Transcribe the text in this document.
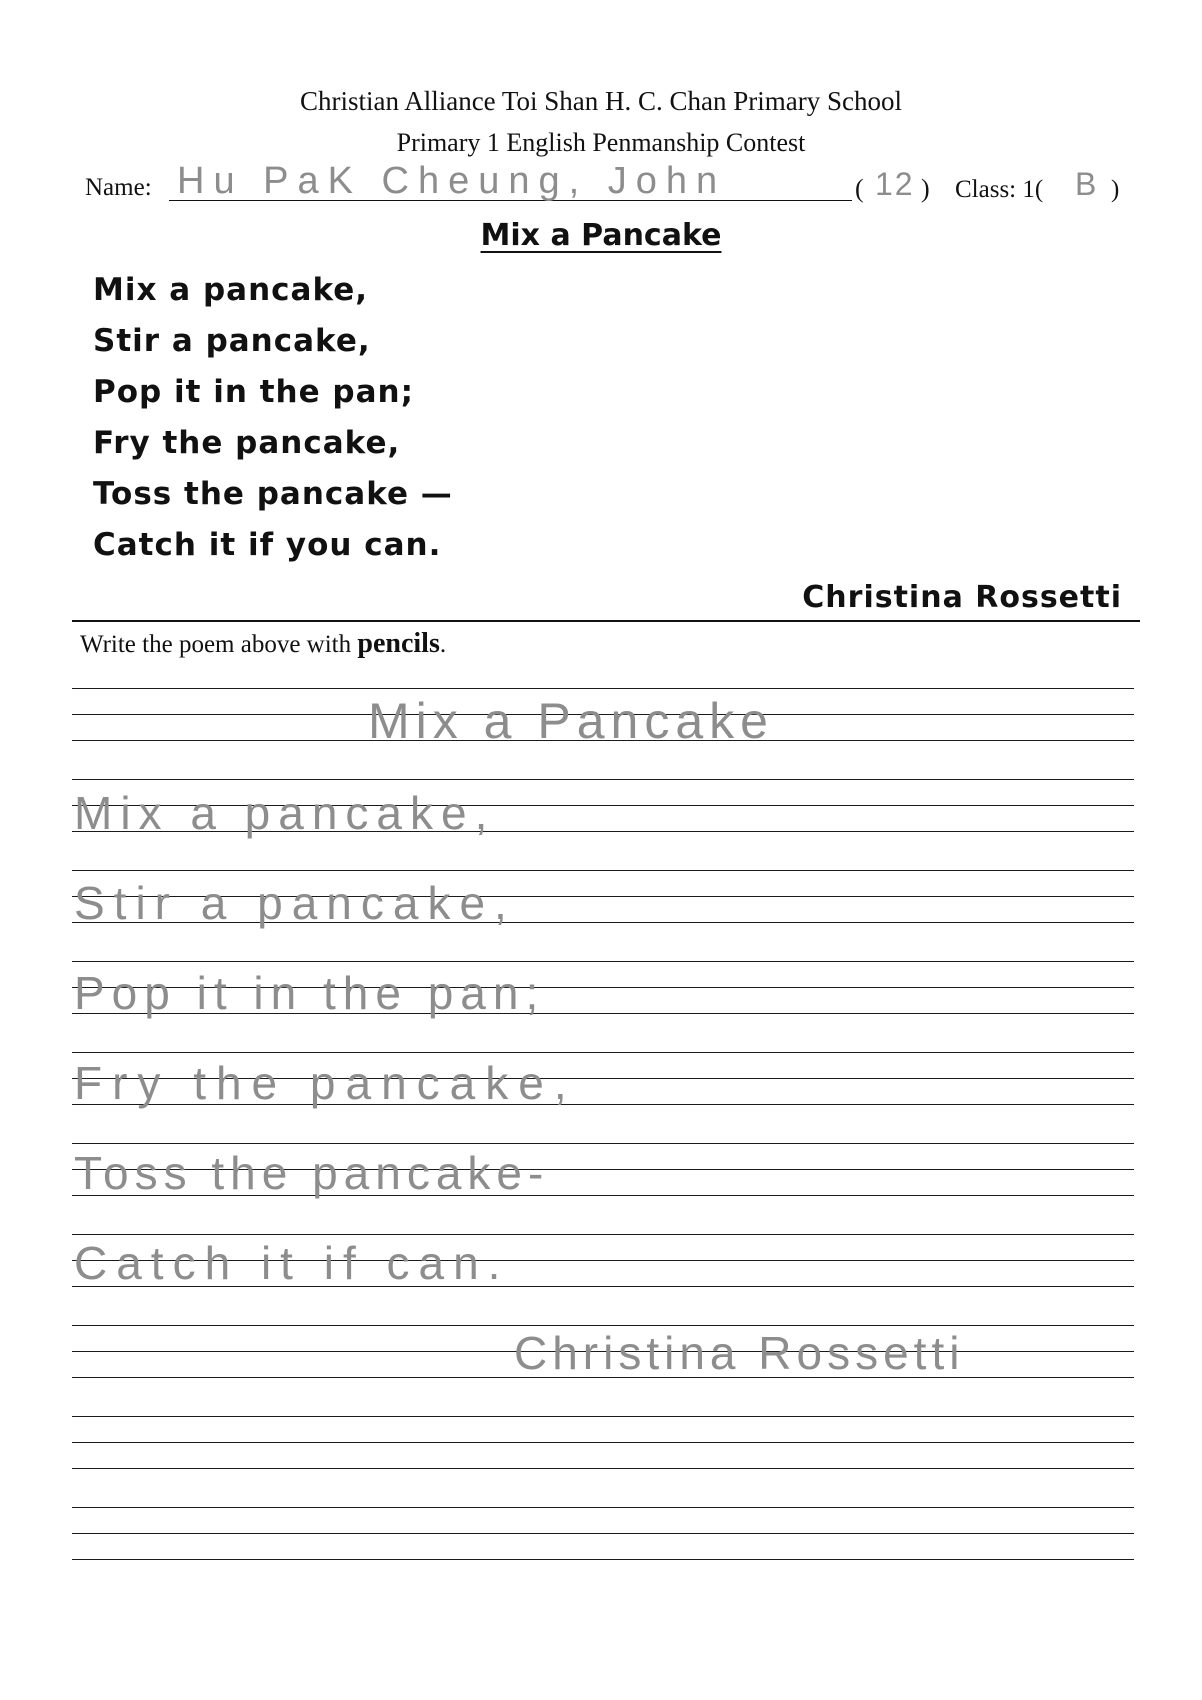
Christian Alliance Toi Shan H. C. Chan Primary School
Primary 1 English Penmanship Contest
Name: Hu PaK Cheung, John	( 12 ) Class: 1( B )
Mix a Pancake
Mix a pancake,
Stir a pancake,
Pop it in the pan;
Fry the pancake,
Toss the pancake —
Catch it if you can.
Christina Rossetti
Write the poem above with pencils.
Mix a Pancake
Mix a pancake,
Stir a pancake,
Pop it in the pan;
Fry the pancake,
Toss the pancake-
Catch it if can.
Christina Rossetti
